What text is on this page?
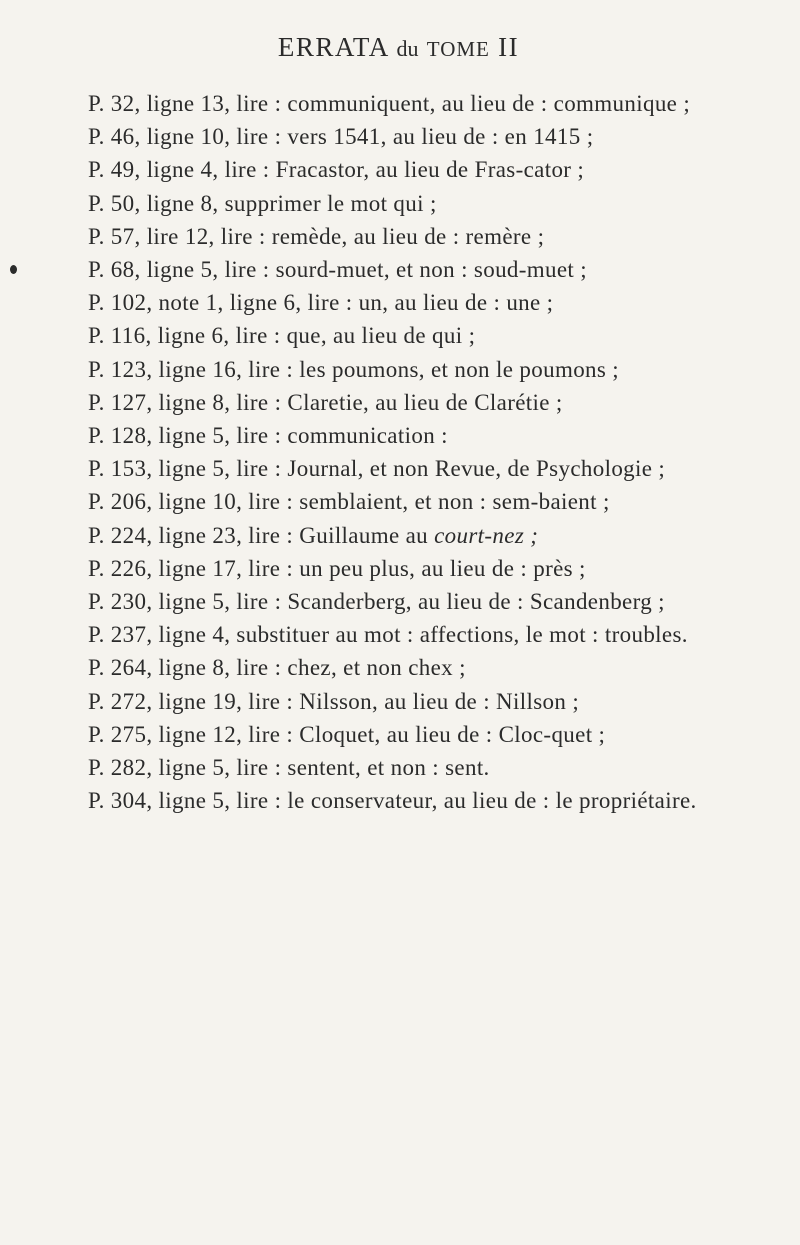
ERRATA du TOME II

P. 32, ligne 13, lire : communiquent, au lieu de : communique ;

P. 46, ligne 10, lire : vers 1541, au lieu de : en 1415 ;

P. 49, ligne 4, lire : Fracastor, au lieu de Fras-cator ;

P. 50, ligne 8, supprimer le mot qui ;

P. 57, lire 12, lire : remède, au lieu de : remère ;

P. 68, ligne 5, lire : sourd-muet, et non : soud-muet ;

P. 102, note 1, ligne 6, lire : un, au lieu de : une ;

P. 116, ligne 6, lire : que, au lieu de qui ;

P. 123, ligne 16, lire : les poumons, et non le poumons ;

P. 127, ligne 8, lire : Claretie, au lieu de Clarétie ;

P. 128, ligne 5, lire : communication :

P. 153, ligne 5, lire : Journal, et non Revue, de Psychologie ;

P. 206, ligne 10, lire : semblaient, et non : sem-baient ;

P. 224, ligne 23, lire : Guillaume au court-nez ;

P. 226, ligne 17, lire : un peu plus, au lieu de : près ;

P. 230, ligne 5, lire : Scanderberg, au lieu de : Scandenberg ;

P. 237, ligne 4, substituer au mot : affections, le mot : troubles.

P. 264, ligne 8, lire : chez, et non chex ;

P. 272, ligne 19, lire : Nilsson, au lieu de : Nillson ;

P. 275, ligne 12, lire : Cloquet, au lieu de : Cloc-quet ;

P. 282, ligne 5, lire : sentent, et non : sent.

P. 304, ligne 5, lire : le conservateur, au lieu de : le propriétaire.
